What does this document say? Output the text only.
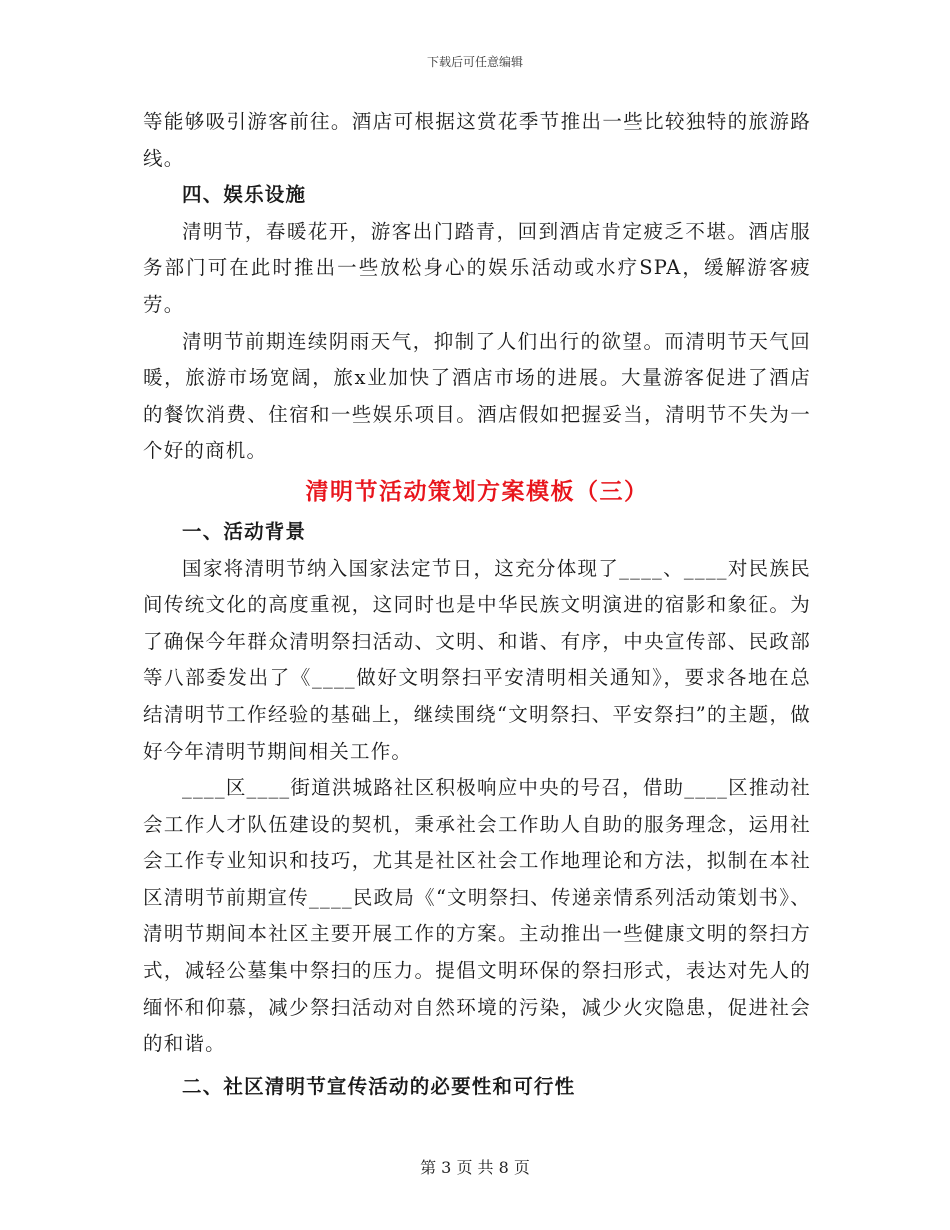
下载后可任意编辑

等能够吸引游客前往。酒店可根据这赏花季节推出一些比较独特的旅游路线。

四、娱乐设施

清明节，春暖花开，游客出门踏青，回到酒店肯定疲乏不堪。酒店服务部门可在此时推出一些放松身心的娱乐活动或水疗SPA，缓解游客疲劳。

清明节前期连续阴雨天气，抑制了人们出行的欲望。而清明节天气回暖，旅游市场宽阔，旅x业加快了酒店市场的进展。大量游客促进了酒店的餐饮消费、住宿和一些娱乐项目。酒店假如把握妥当，清明节不失为一个好的商机。

清明节活动策划方案模板（三）

一、活动背景

国家将清明节纳入国家法定节日，这充分体现了____、____对民族民间传统文化的高度重视，这同时也是中华民族文明演进的宿影和象征。为了确保今年群众清明祭扫活动、文明、和谐、有序，中央宣传部、民政部等八部委发出了《____做好文明祭扫平安清明相关通知》，要求各地在总结清明节工作经验的基础上，继续围绕“文明祭扫、平安祭扫”的主题，做好今年清明节期间相关工作。

____区____街道洪城路社区积极响应中央的号召，借助____区推动社会工作人才队伍建设的契机，秉承社会工作助人自助的服务理念，运用社会工作专业知识和技巧，尤其是社区社会工作地理论和方法，拟制在本社区清明节前期宣传____民政局《“文明祭扫、传递亲情系列活动策划书》、清明节期间本社区主要开展工作的方案。主动推出一些健康文明的祭扫方式，减轻公墓集中祭扫的压力。提倡文明环保的祭扫形式，表达对先人的缅怀和仰慕，减少祭扫活动对自然环境的污染，减少火灾隐患，促进社会的和谐。

二、社区清明节宣传活动的必要性和可行性

第 3 页 共 8 页
